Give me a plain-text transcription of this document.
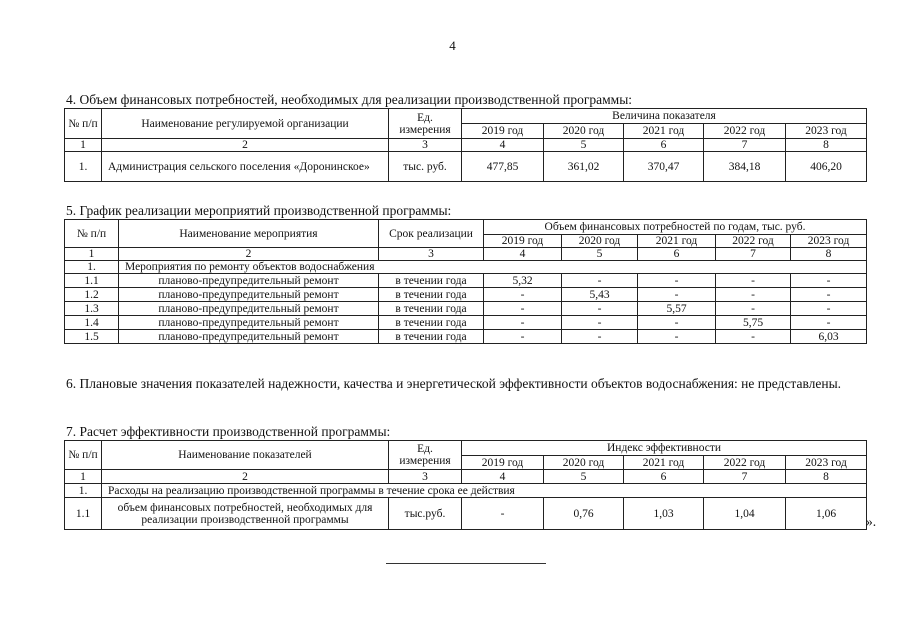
4
4. Объем финансовых потребностей, необходимых для реализации производственной программы:
№ п/п	Наименование регулируемой организации	Ед. измерения	Величина показателя				
			2019 год	2020 год	2021 год	2022 год	2023 год
1	2	3	4	5	6	7	8
1.	Администрация сельского поселения «Доронинское»	тыс. руб.	477,85	361,02	370,47	384,18	406,20
5. График реализации мероприятий производственной программы:
№ п/п	Наименование мероприятия	Срок реализации	Объем финансовых потребностей по годам, тыс. руб.				
			2019 год	2020 год	2021 год	2022 год	2023 год
1	2	3	4	5	6	7	8
1.	Мероприятия по ремонту объектов водоснабжения						
1.1	планово-предупредительный ремонт	в течении года	5,32	-	-	-	-
1.2	планово-предупредительный ремонт	в течении года	-	5,43	-	-	-
1.3	планово-предупредительный ремонт	в течении года	-	-	5,57	-	-
1.4	планово-предупредительный ремонт	в течении года	-	-	-	5,75	-
1.5	планово-предупредительный ремонт	в течении года	-	-	-	-	6,03
6. Плановые значения показателей надежности, качества и энергетической эффективности объектов водоснабжения: не представлены.
7. Расчет эффективности производственной программы:
№ п/п	Наименование показателей	Ед. измерения	Индекс эффективности				
			2019 год	2020 год	2021 год	2022 год	2023 год
1	2	3	4	5	6	7	8
1.	Расходы на реализацию производственной программы в течение срока ее действия						
1.1	объем финансовых потребностей, необходимых для реализации производственной программы	тыс.руб.	-	0,76	1,03	1,04	1,06
».
